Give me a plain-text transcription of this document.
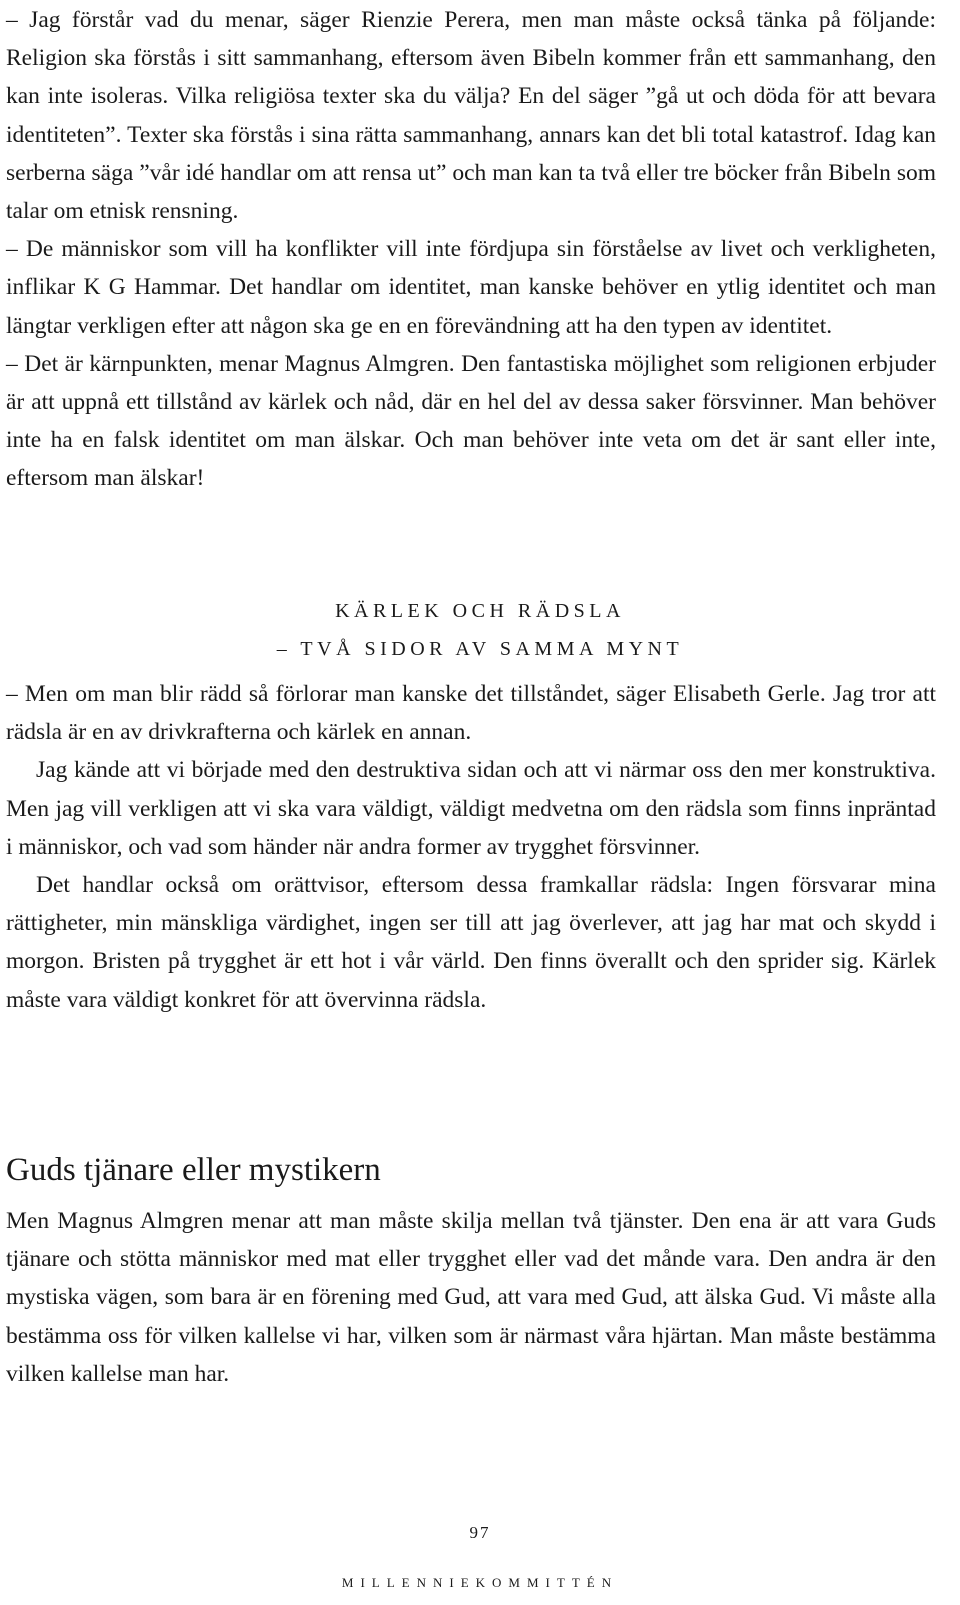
– Jag förstår vad du menar, säger Rienzie Perera, men man måste också tänka på följande: Religion ska förstås i sitt sammanhang, eftersom även Bibeln kommer från ett sammanhang, den kan inte isoleras. Vilka religiösa texter ska du välja? En del säger ”gå ut och döda för att bevara identiteten”. Texter ska förstås i sina rätta sammanhang, annars kan det bli total katastrof. Idag kan serberna säga ”vår idé handlar om att rensa ut” och man kan ta två eller tre böcker från Bibeln som talar om etnisk rensning.

– De människor som vill ha konflikter vill inte fördjupa sin förståelse av livet och verkligheten, inflikar K G Hammar. Det handlar om identitet, man kanske behöver en ytlig identitet och man längtar verkligen efter att någon ska ge en en förevändning att ha den typen av identitet.

– Det är kärnpunkten, menar Magnus Almgren. Den fantastiska möjlighet som religionen erbjuder är att uppnå ett tillstånd av kärlek och nåd, där en hel del av dessa saker försvinner. Man behöver inte ha en falsk identitet om man älskar. Och man behöver inte veta om det är sant eller inte, eftersom man älskar!

KÄRLEK OCH RÄDSLA
– TVÅ SIDOR AV SAMMA MYNT

– Men om man blir rädd så förlorar man kanske det tillståndet, säger Elisabeth Gerle. Jag tror att rädsla är en av drivkrafterna och kärlek en annan.

Jag kände att vi började med den destruktiva sidan och att vi närmar oss den mer konstruktiva. Men jag vill verkligen att vi ska vara väldigt, väldigt medvetna om den rädsla som finns inpräntad i människor, och vad som händer när andra former av trygghet försvinner.

Det handlar också om orättvisor, eftersom dessa framkallar rädsla: Ingen försvarar mina rättigheter, min mänskliga värdighet, ingen ser till att jag överlever, att jag har mat och skydd i morgon. Bristen på trygghet är ett hot i vår värld. Den finns överallt och den sprider sig. Kärlek måste vara väldigt konkret för att övervinna rädsla.

Guds tjänare eller mystikern

Men Magnus Almgren menar att man måste skilja mellan två tjänster. Den ena är att vara Guds tjänare och stötta människor med mat eller trygghet eller vad det månde vara. Den andra är den mystiska vägen, som bara är en förening med Gud, att vara med Gud, att älska Gud. Vi måste alla bestämma oss för vilken kallelse vi har, vilken som är närmast våra hjärtan. Man måste bestämma vilken kallelse man har.

97
MILLENNIEKOMMITTÉN
